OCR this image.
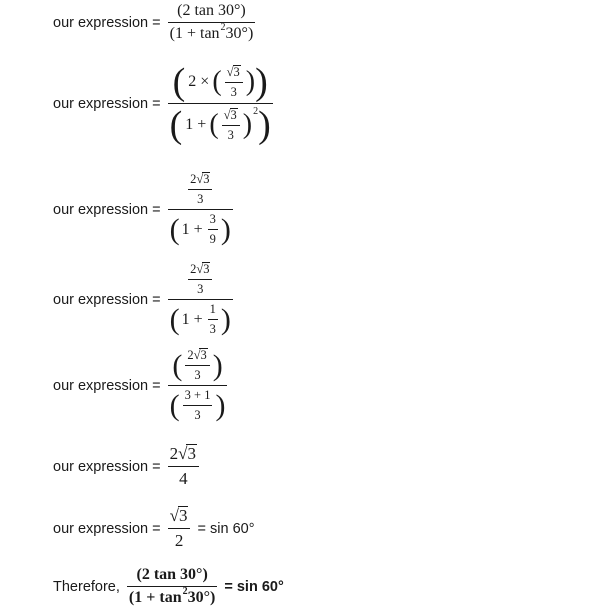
our expression = $\frac{(2 \tan 30^\circ)}{(1 + \tan 2 30^\circ)}$
our expression =
( 2 × ( $\frac{√ 3}{3}$ ) )
( 1 + ( $\frac{√ 3}{3}$ ) 2 )
our expression =
$\frac{2 √ 3}{3}$
( $1 + \frac{3}{9}$ )
our expression =
$\frac{2 √ 3}{3}$
( $1 + \frac{1}{3}$ )
our expression = $\frac{( \frac{2 √ 3}{3} )}{( \frac{3 + 1}{3} )}$
our expression = $\frac{2 √ 3}{4}$
our expression = $\frac{√ 3}{2} = \sin 60^\circ$
Therefore, $\frac{(2 \tan 30^\circ)}{(1 + \tan 2 30^\circ)} = \sin 60^\circ$
